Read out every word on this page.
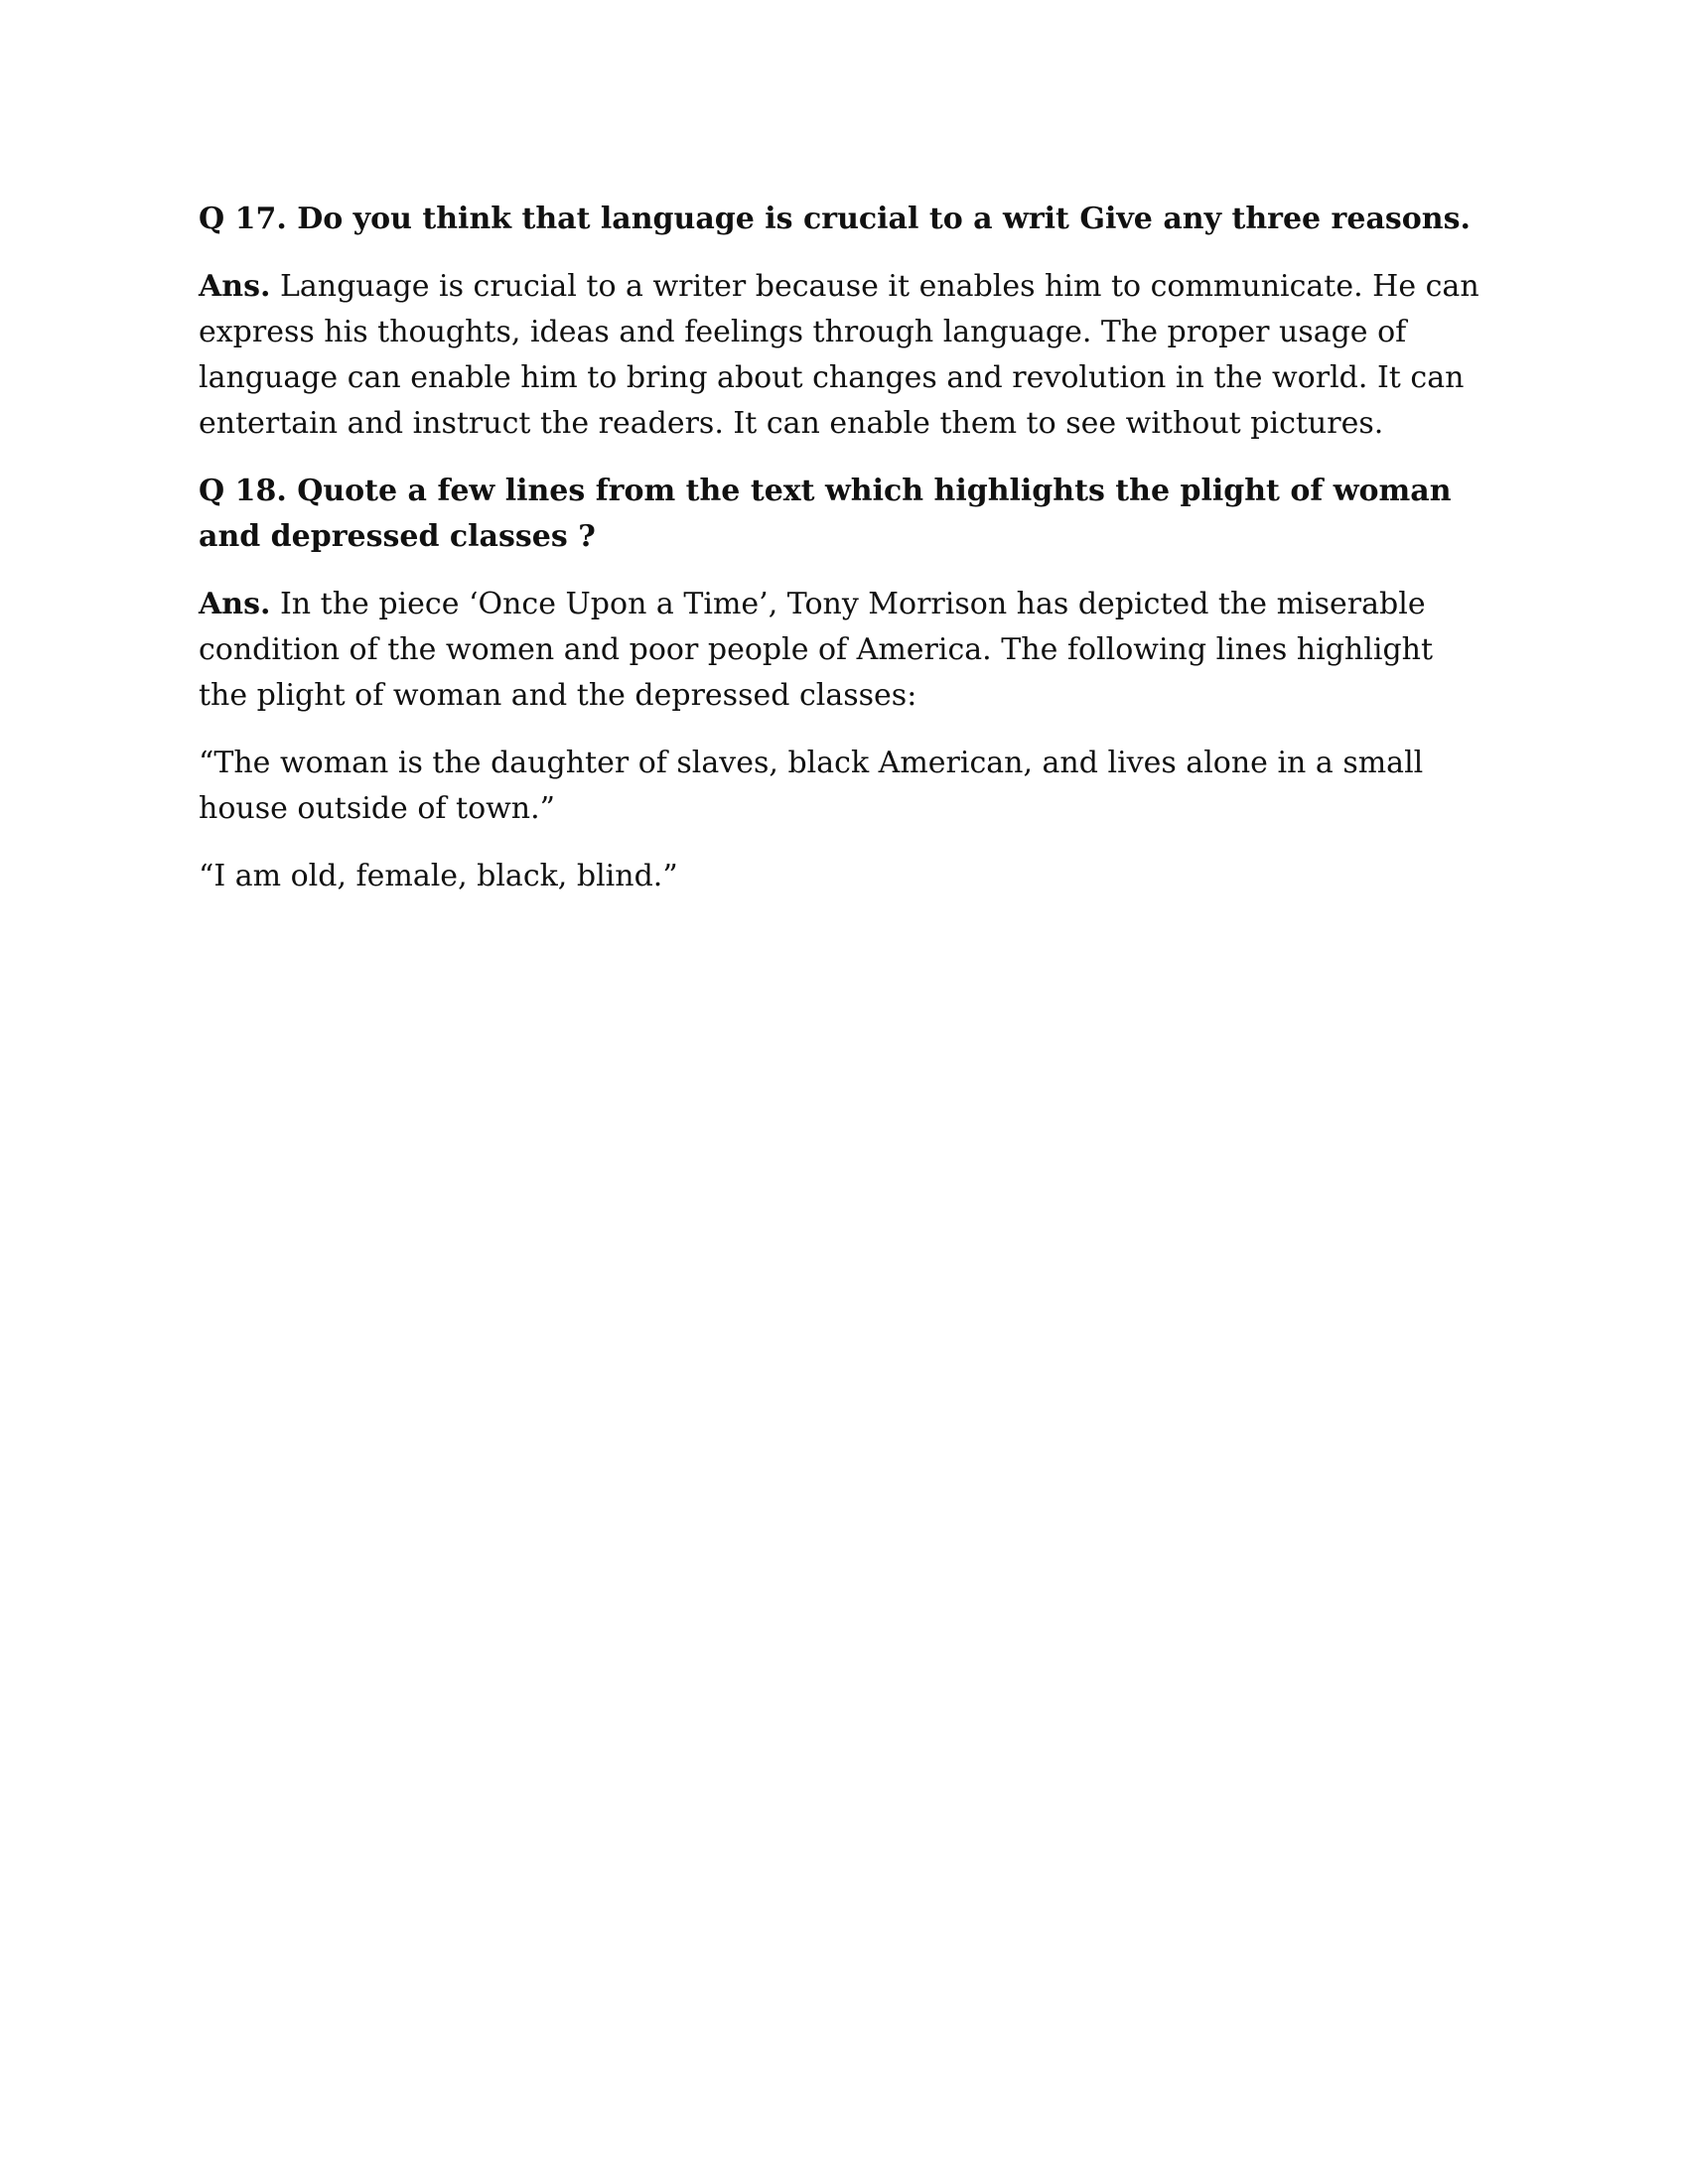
Q 17. Do you think that language is crucial to a writ Give any three reasons.

Ans. Language is crucial to a writer because it enables him to communicate. He can express his thoughts, ideas and feelings through language. The proper usage of language can enable him to bring about changes and revolution in the world. It can entertain and instruct the readers. It can enable them to see without pictures.

Q 18. Quote a few lines from the text which highlights the plight of woman and depressed classes ?

Ans. In the piece ‘Once Upon a Time’, Tony Morrison has depicted the miserable condition of the women and poor people of America. The following lines highlight the plight of woman and the depressed classes:

“The woman is the daughter of slaves, black American, and lives alone in a small house outside of town.”

“I am old, female, black, blind.”
